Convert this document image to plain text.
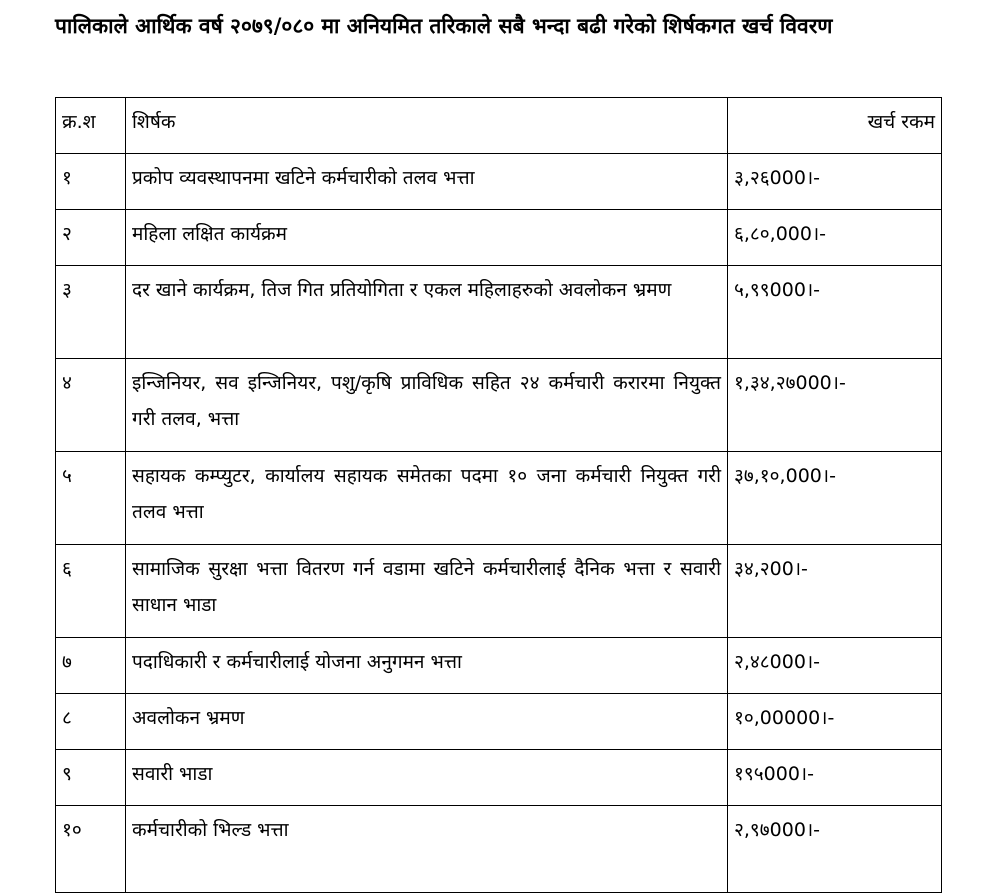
पालिकाले आर्थिक वर्ष २०७९/०८० मा अनियमित तरिकाले सबै भन्दा बढी गरेको शिर्षकगत खर्च विवरण

क्र.श	शिर्षक	खर्च रकम
१	प्रकोप व्यवस्थापनमा खटिने कर्मचारीको तलव भत्ता	३,२६000।-
२	महिला लक्षित कार्यक्रम	६,८०,000।-
३	दर खाने कार्यक्रम, तिज गित प्रतियोगिता र एकल महिलाहरुको अवलोकन भ्रमण	५,९९000।-
४	इन्जिनियर, सव इन्जिनियर, पशु/कृषि प्राविधिक सहित २४ कर्मचारी करारमा नियुक्त गरी तलव, भत्ता	१,३४,२७000।-
५	सहायक कम्प्युटर, कार्यालय सहायक समेतका पदमा १० जना कर्मचारी नियुक्त गरी तलव भत्ता	३७,१०,000।-
६	सामाजिक सुरक्षा भत्ता वितरण गर्न वडामा खटिने कर्मचारीलाई दैनिक भत्ता र सवारी साधान भाडा	३४,२00।-
७	पदाधिकारी र कर्मचारीलाई योजना अनुगमन भत्ता	२,४८000।-
८	अवलोकन भ्रमण	१०,00000।-
९	सवारी भाडा	१९५000।-
१०	कर्मचारीको भिल्ड भत्ता	२,९७000।-
